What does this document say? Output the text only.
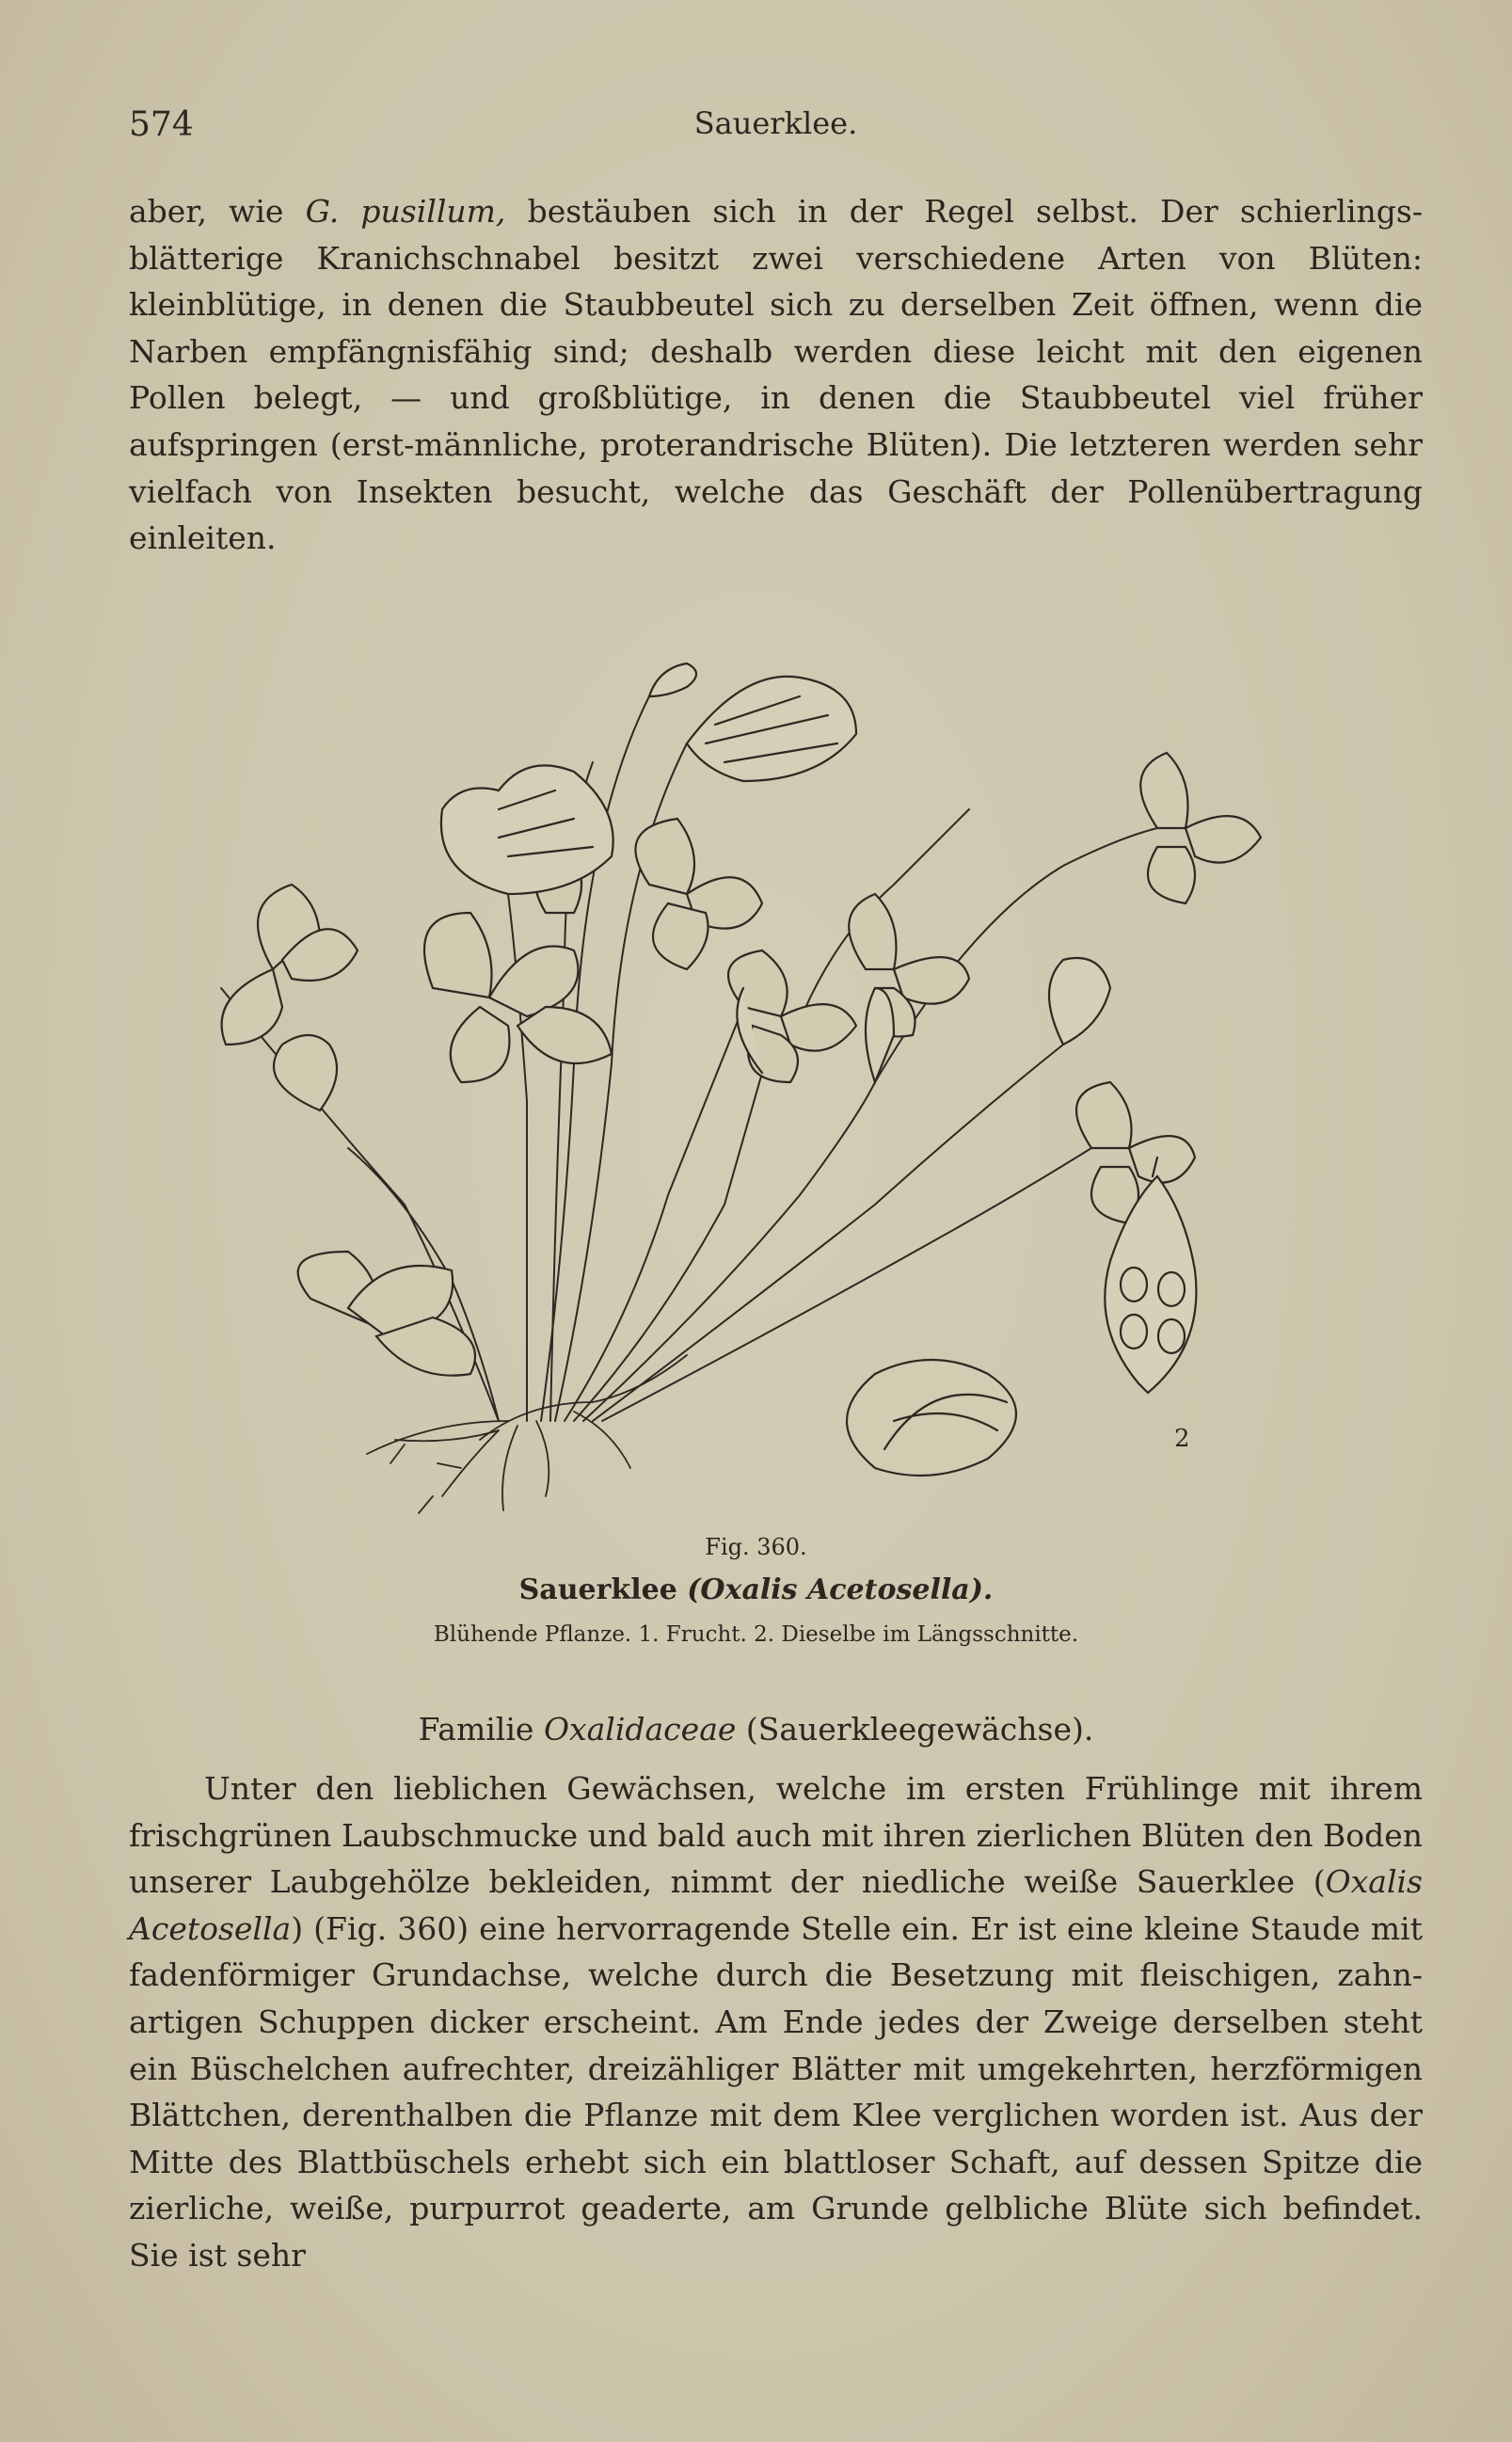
574	Sauerklee.

aber, wie G. pusillum, bestäuben sich in der Regel selbst. Der schierlings-blätterige Kranichschnabel besitzt zwei verschiedene Arten von Blüten: kleinblütige, in denen die Staubbeutel sich zu derselben Zeit öffnen, wenn die Narben empfängnisfähig sind; deshalb werden diese leicht mit den eigenen Pollen belegt, — und großblütige, in denen die Staubbeutel viel früher aufspringen (erst-männliche, proterandrische Blüten). Die letzteren werden sehr vielfach von Insekten besucht, welche das Geschäft der Pollenübertragung einleiten.

2
Fig. 360.
Sauerklee (Oxalis Acetosella).
Blühende Pflanze. 1. Frucht. 2. Dieselbe im Längsschnitte.
Familie Oxalidaceae (Sauerkleegewächse).

Unter den lieblichen Gewächsen, welche im ersten Frühlinge mit ihrem frischgrünen Laubschmucke und bald auch mit ihren zierlichen Blüten den Boden unserer Laubgehölze bekleiden, nimmt der niedliche weiße Sauerklee (Oxalis Acetosella) (Fig. 360) eine hervorragende Stelle ein. Er ist eine kleine Staude mit fadenförmiger Grundachse, welche durch die Besetzung mit fleischigen, zahn-artigen Schuppen dicker erscheint. Am Ende jedes der Zweige derselben steht ein Büschelchen aufrechter, dreizähliger Blätter mit umgekehrten, herzförmigen Blättchen, derenthalben die Pflanze mit dem Klee verglichen worden ist. Aus der Mitte des Blattbüschels erhebt sich ein blattloser Schaft, auf dessen Spitze die zierliche, weiße, purpurrot geaderte, am Grunde gelbliche Blüte sich befindet. Sie ist sehr
